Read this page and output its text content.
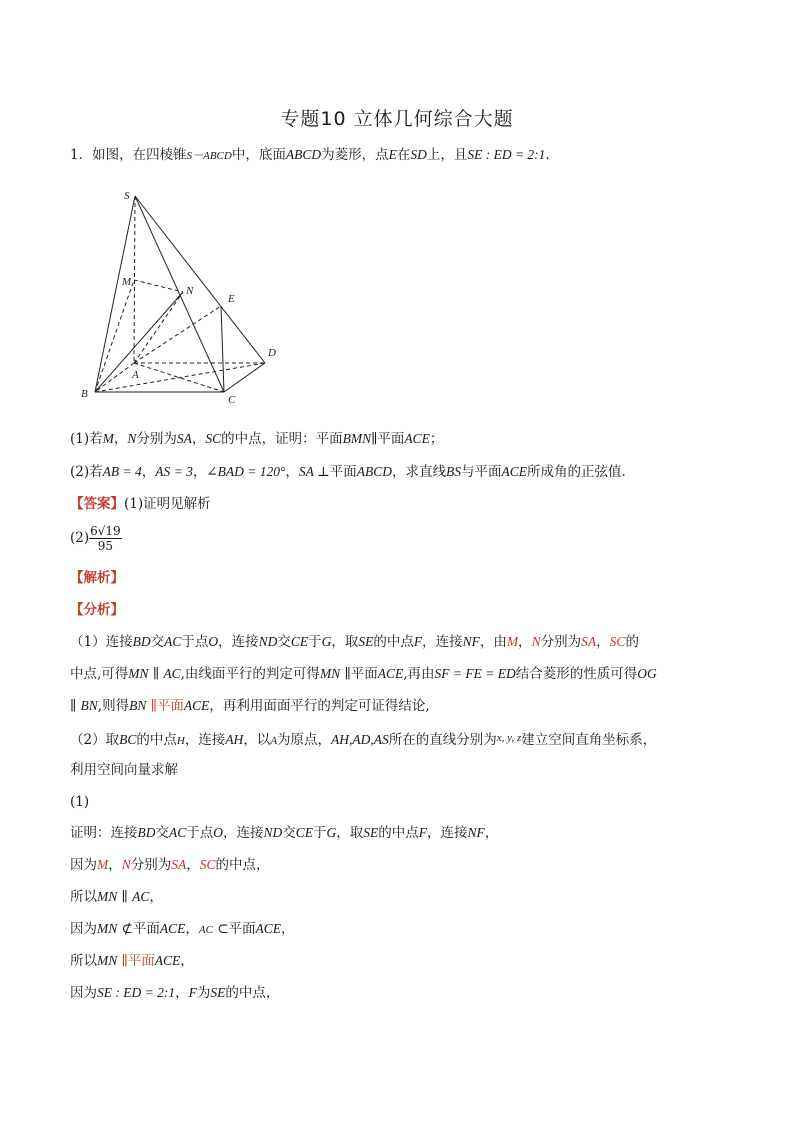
专题10 立体几何综合大题
1．如图，在四棱锥S－ABCD中，底面ABCD为菱形，点E在SD上，且SE : ED = 2:1．
S
M
N
E
D
A
B	C
(1)若M，N分别为SA，SC的中点，证明：平面BMN∥平面ACE；
(2)若AB = 4，AS = 3，∠BAD = 120°，SA ⊥平面ABCD，求直线BS与平面ACE所成角的正弦值．
【答案】(1)证明见解析
$(2) \frac{6√19}{95}$
【解析】
【分析】
（1）连接BD交AC于点O，连接ND交CE于G，取SE的中点F，连接NF，由M，N分别为SA，SC的
中点,可得MN ∥ AC,由线面平行的判定可得MN ∥平面ACE,再由SF = FE = ED结合菱形的性质可得OG
∥ BN,则得BN ∥平面ACE，再利用面面平行的判定可证得结论,
（2）取BC的中点H，连接AH，以A为原点，AH,AD,AS所在的直线分别为$^{x, y, z}$建立空间直角坐标系，
利用空间向量求解
(1)
证明：连接BD交AC于点O，连接ND交CE于G，取SE的中点F，连接NF，
因为M，N分别为SA，SC的中点，
所以MN ∥ AC，
因为MN ⊄平面ACE，AC ⊂平面ACE，
所以MN ∥平面ACE，
因为SE : ED = 2:1，F为SE的中点，
